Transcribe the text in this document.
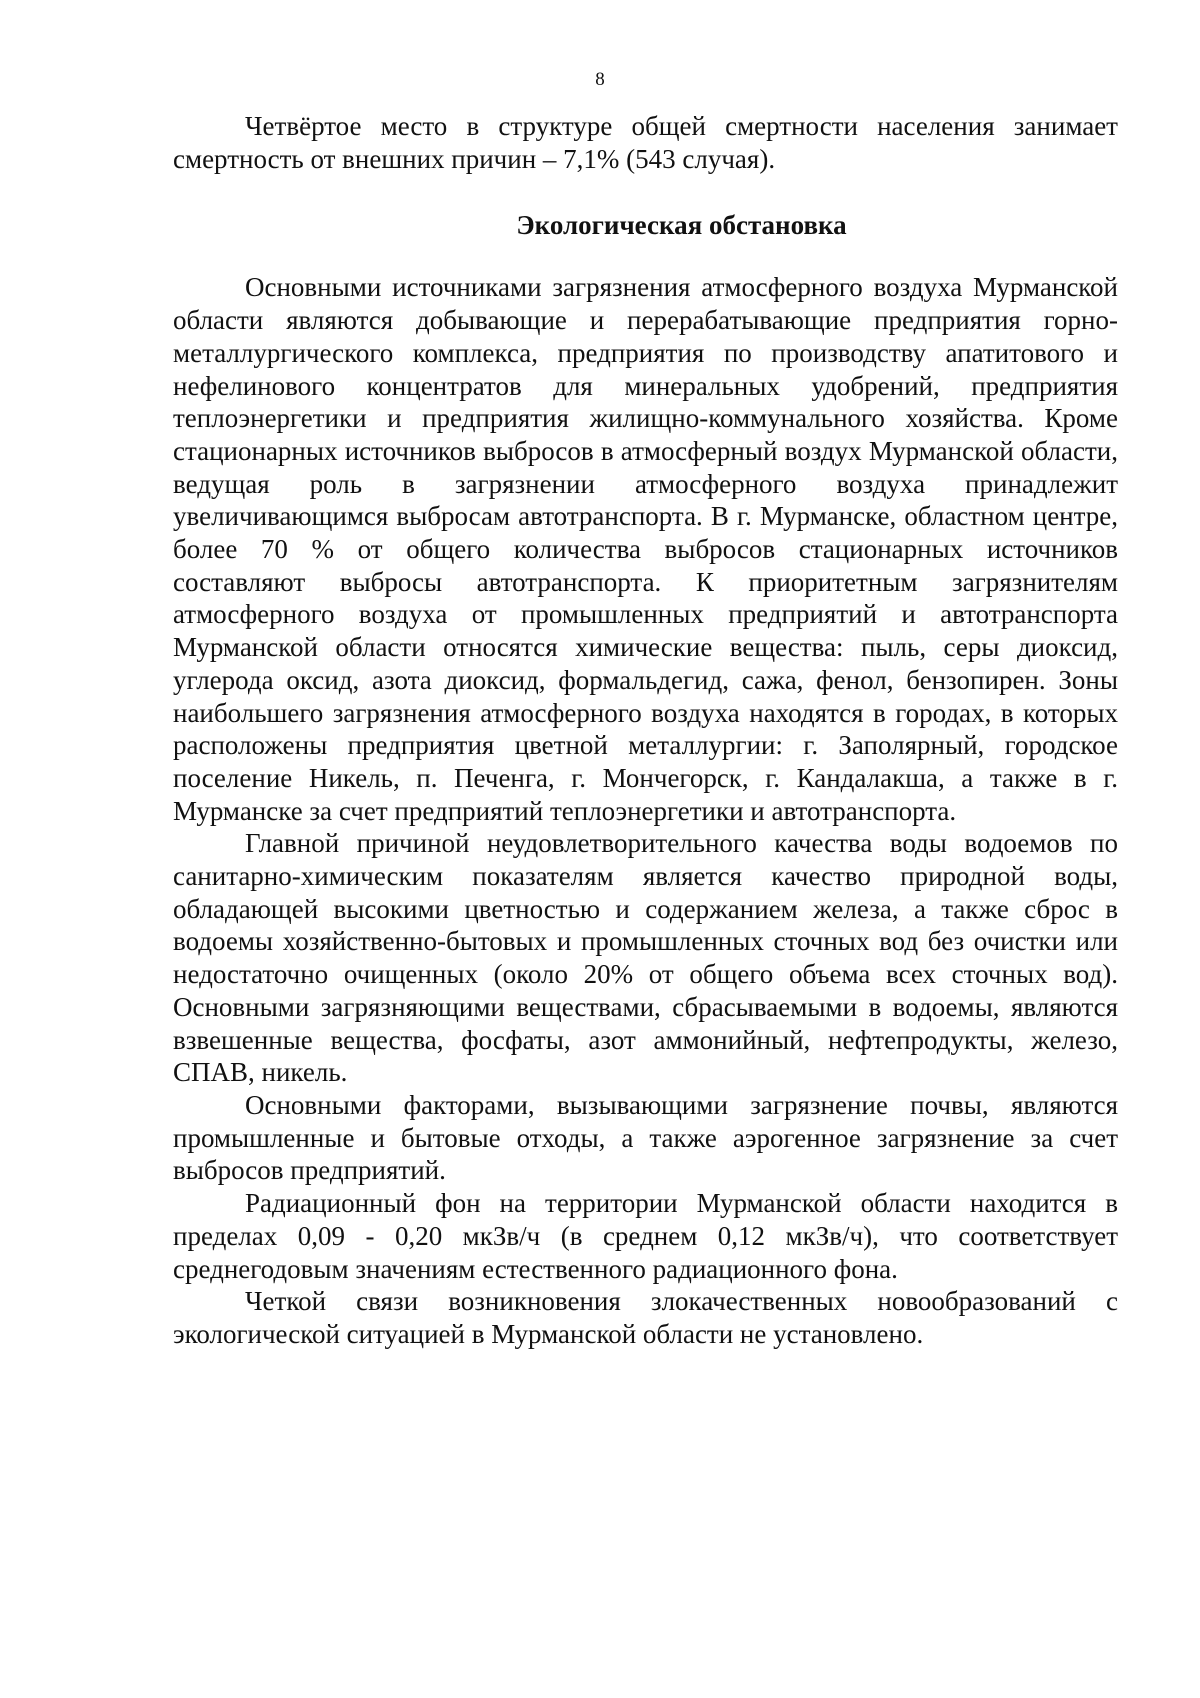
8

Четвёртое место в структуре общей смертности населения занимает смертность от внешних причин – 7,1% (543 случая).

Экологическая обстановка

Основными источниками загрязнения атмосферного воздуха Мурманской области являются добывающие и перерабатывающие предприятия горно-металлургического комплекса, предприятия по производству апатитового и нефелинового концентратов для минеральных удобрений, предприятия теплоэнергетики и предприятия жилищно-коммунального хозяйства. Кроме стационарных источников выбросов в атмосферный воздух Мурманской области, ведущая роль в загрязнении атмосферного воздуха принадлежит увеличивающимся выбросам автотранспорта. В г. Мурманске, областном центре, более 70 % от общего количества выбросов стационарных источников составляют выбросы автотранспорта. К приоритетным загрязнителям атмосферного воздуха от промышленных предприятий и автотранспорта Мурманской области относятся химические вещества: пыль, серы диоксид, углерода оксид, азота диоксид, формальдегид, сажа, фенол, бензопирен. Зоны наибольшего загрязнения атмосферного воздуха находятся в городах, в которых расположены предприятия цветной металлургии: г. Заполярный, городское поселение Никель, п. Печенга, г. Мончегорск, г. Кандалакша, а также в г. Мурманске за счет предприятий теплоэнергетики и автотранспорта.

Главной причиной неудовлетворительного качества воды водоемов по санитарно-химическим показателям является качество природной воды, обладающей высокими цветностью и содержанием железа, а также сброс в водоемы хозяйственно-бытовых и промышленных сточных вод без очистки или недостаточно очищенных (около 20% от общего объема всех сточных вод). Основными загрязняющими веществами, сбрасываемыми в водоемы, являются взвешенные вещества, фосфаты, азот аммонийный, нефтепродукты, железо, СПАВ, никель.

Основными факторами, вызывающими загрязнение почвы, являются промышленные и бытовые отходы, а также аэрогенное загрязнение за счет выбросов предприятий.

Радиационный фон на территории Мурманской области находится в пределах 0,09 - 0,20 мкЗв/ч (в среднем 0,12 мкЗв/ч), что соответствует среднегодовым значениям естественного радиационного фона.

Четкой связи возникновения злокачественных новообразований с экологической ситуацией в Мурманской области не установлено.
